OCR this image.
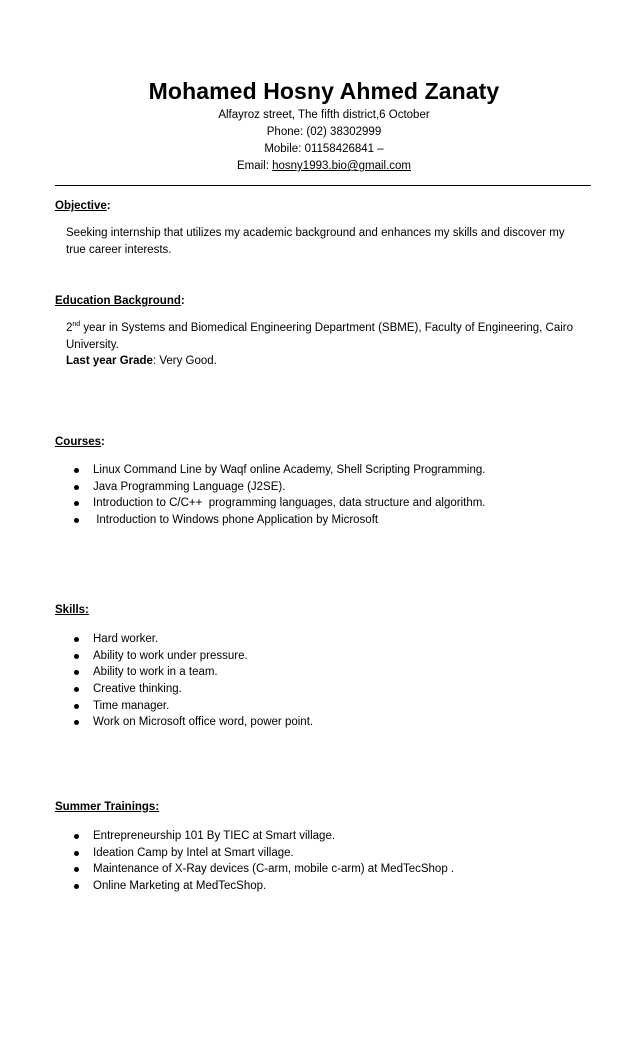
Mohamed Hosny Ahmed Zanaty
Alfayroz street, The fifth district,6 October
Phone: (02) 38302999
Mobile: 01158426841 –
Email: hosny1993.bio@gmail.com
Objective:
Seeking internship that utilizes my academic background and enhances my skills and discover my true career interests.
Education Background:
2nd year in Systems and Biomedical Engineering Department (SBME), Faculty of Engineering, Cairo University.
Last year Grade: Very Good.
Courses:
Linux Command Line by Waqf online Academy, Shell Scripting Programming.
Java Programming Language (J2SE).
Introduction to C/C++  programming languages, data structure and algorithm.
Introduction to Windows phone Application by Microsoft
Skills:
Hard worker.
Ability to work under pressure.
Ability to work in a team.
Creative thinking.
Time manager.
Work on Microsoft office word, power point.
Summer Trainings:
Entrepreneurship 101 By TIEC at Smart village.
Ideation Camp by Intel at Smart village.
Maintenance of X-Ray devices (C-arm, mobile c-arm) at MedTecShop .
Online Marketing at MedTecShop.
